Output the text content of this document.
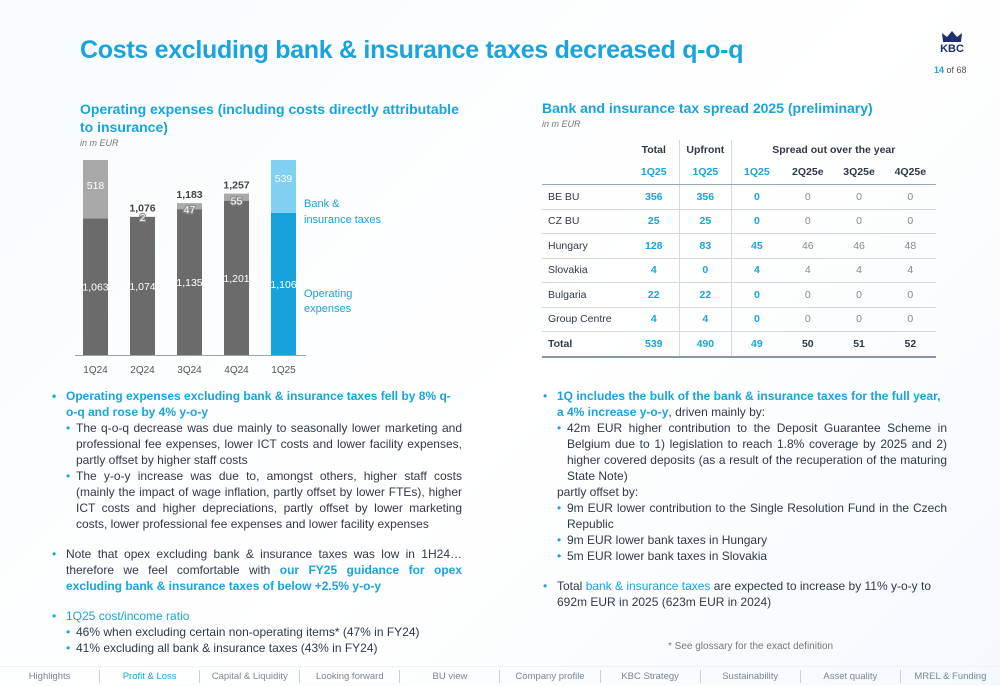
Costs excluding bank & insurance taxes decreased q-o-q	KBC
14 of 68
Operating expenses (including costs directly attributable to insurance)
in m EUR
1,063
518
1Q24
1,074
2
1,076
2Q24
1,135
47
1,183
3Q24
1,201
55
1,257
4Q24
1,106
539
1Q25
Bank &
insurance taxes
Operating
expenses
Bank and insurance tax spread 2025 (preliminary)
in m EUR
	Total	Upfront	Spread out over the year			
	1Q25	1Q25	1Q25	2Q25e	3Q25e	4Q25e
BE BU	356	356	0	0	0	0
CZ BU	25	25	0	0	0	0
Hungary	128	83	45	46	46	48
Slovakia	4	0	4	4	4	4
Bulgaria	22	22	0	0	0	0
Group Centre	4	4	0	0	0	0
Total	539	490	49	50	51	52
• Operating expenses excluding bank & insurance taxes fell by 8% q-o-q and rose by 4% y-o-y
• The q-o-q decrease was due mainly to seasonally lower marketing and professional fee expenses, lower ICT costs and lower facility expenses, partly offset by higher staff costs
• The y-o-y increase was due to, amongst others, higher staff costs (mainly the impact of wage inflation, partly offset by lower FTEs), higher ICT costs and higher depreciations, partly offset by lower marketing costs, lower professional fee expenses and lower facility expenses
• Note that opex excluding bank & insurance taxes was low in 1H24… therefore we feel comfortable with our FY25 guidance for opex excluding bank & insurance taxes of below +2.5% y-o-y
• 1Q25 cost/income ratio
• 46% when excluding certain non-operating items* (47% in FY24)
• 41% excluding all bank & insurance taxes (43% in FY24)
• 1Q includes the bulk of the bank & insurance taxes for the full year, a 4% increase y-o-y, driven mainly by:
• 42m EUR higher contribution to the Deposit Guarantee Scheme in Belgium due to 1) legislation to reach 1.8% coverage by 2025 and 2) higher covered deposits (as a result of the recuperation of the maturing State Note)
partly offset by:
• 9m EUR lower contribution to the Single Resolution Fund in the Czech Republic
• 9m EUR lower bank taxes in Hungary
• 5m EUR lower bank taxes in Slovakia
• Total bank & insurance taxes are expected to increase by 11% y-o-y to 692m EUR in 2025 (623m EUR in 2024)
* See glossary for the exact definition
Highlights	Profit & Loss	Capital & Liquidity	Looking forward	BU view	Company profile	KBC Strategy	Sustainability	Asset quality	MREL & Funding
